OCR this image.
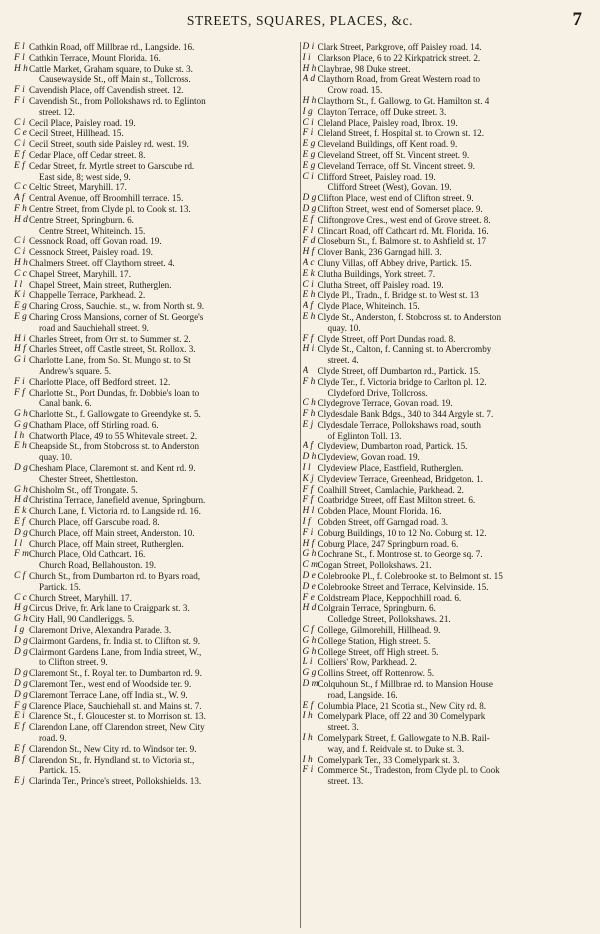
STREETS, SQUARES, PLACES, &c.	7
E l Cathkin Road, off Millbrae rd., Langside. 16.
F l Cathkin Terrace, Mount Florida. 16.
H h Cattle Market, Graham square, to Duke st. 3.
Causewayside St., off Main st., Tollcross.
F i Cavendish Place, off Cavendish street. 12.
F i Cavendish St., from Pollokshaws rd. to Eglinton
street. 12.
C i Cecil Place, Paisley road. 19.
C e Cecil Street, Hillhead. 15.
C i Cecil Street, south side Paisley rd. west. 19.
E f Cedar Place, off Cedar street. 8.
E f Cedar Street, fr. Myrtle street to Garscube rd.
East side, 8; west side, 9.
C c Celtic Street, Maryhill. 17.
A f Central Avenue, off Broomhill terrace. 15.
F h Centre Street, from Clyde pl. to Cook st. 13.
H d Centre Street, Springburn. 6.
Centre Street, Whiteinch. 15.
C i Cessnock Road, off Govan road. 19.
C i Cessnock Street, Paisley road. 19.
H h Chalmers Street. off Claythorn street. 4.
C c Chapel Street, Maryhill. 17.
I l Chapel Street, Main street, Rutherglen.
K i Chappelle Terrace, Parkhead. 2.
E g Charing Cross, Sauchie. st., w. from North st. 9.
E g Charing Cross Mansions, corner of St. George's
road and Sauchiehall street. 9.
H i Charles Street, from Orr st. to Summer st. 2.
H f Charles Street, off Castle street, St. Rollox. 3.
G i Charlotte Lane, from So. St. Mungo st. to St
Andrew's square. 5.
F i Charlotte Place, off Bedford street. 12.
F f Charlotte St., Port Dundas, fr. Dobbie's loan to
Canal bank. 6.
G h Charlotte St., f. Gallowgate to Greendyke st. 5.
G g Chatham Place, off Stirling road. 6.
I h Chatworth Place, 49 to 55 Whitevale street. 2.
E h Cheapside St., from Stobcross st. to Anderston
quay. 10.
D g Chesham Place, Claremont st. and Kent rd. 9.
Chester Street, Shettleston.
G h Chisholm St., off Trongate. 5.
H d Christina Terrace, Janefield avenue, Springburn.
E k Church Lane, f. Victoria rd. to Langside rd. 16.
E f Church Place, off Garscube road. 8.
D g Church Place, off Main street, Anderston. 10.
I l Church Place, off Main street, Rutherglen.
F m Church Place, Old Cathcart. 16.
Church Road, Bellahouston. 19.
C f Church St., from Dumbarton rd. to Byars road,
Partick. 15.
C c Church Street, Maryhill. 17.
H g Circus Drive, fr. Ark lane to Craigpark st. 3.
G h City Hall, 90 Candleriggs. 5.
I g Claremont Drive, Alexandra Parade. 3.
D g Clairmont Gardens, fr. India st. to Clifton st. 9.
D g Clairmont Gardens Lane, from India street, W.,
to Clifton street. 9.
D g Claremont St., f. Royal ter. to Dumbarton rd. 9.
D g Claremont Ter., west end of Woodside ter. 9.
D g Claremont Terrace Lane, off India st., W. 9.
F g Clarence Place, Sauchiehall st. and Mains st. 7.
E i Clarence St., f. Gloucester st. to Morrison st. 13.
E f Clarendon Lane, off Clarendon street, New City
road. 9.
E f Clarendon St., New City rd. to Windsor ter. 9.
B f Clarendon St., fr. Hyndland st. to Victoria st.,
Partick. 15.
E j Clarinda Ter., Prince's street, Pollokshields. 13.
D i Clark Street, Parkgrove, off Paisley road. 14.
I i Clarkson Place, 6 to 22 Kirkpatrick street. 2.
H h Claybrae, 98 Duke street.
A d Claythorn Road, from Great Western road to
Crow road. 15.
H h Claythorn St., f. Gallowg. to Gt. Hamilton st. 4
I g Clayton Terrace, off Duke street. 3.
C i Cleland Place, Paisley road, Ibrox. 19.
F i Cleland Street, f. Hospital st. to Crown st. 12.
E g Cleveland Buildings, off Kent road. 9.
E g Cleveland Street, off St. Vincent street. 9.
E g Cleveland Terrace, off St. Vincent street. 9.
C i Clifford Street, Paisley road. 19.
Clifford Street (West), Govan. 19.
D g Clifton Place, west end of Clifton street. 9.
D g Clifton Street, west end of Somerset place. 9.
E f Cliftongrove Cres., west end of Grove street. 8.
F l Clincart Road, off Cathcart rd. Mt. Florida. 16.
F d Closeburn St., f. Balmore st. to Ashfield st. 17
H f Clover Bank, 236 Garngad hill. 3.
A c Cluny Villas, off Abbey drive, Partick. 15.
E k Clutha Buildings, York street. 7.
C i Clutha Street, off Paisley road. 19.
E h Clyde Pl., Tradn., f. Bridge st. to West st. 13
A f Clyde Place, Whiteinch. 15.
E h Clyde St., Anderston, f. Stobcross st. to Anderston
quay. 10.
F f Clyde Street, off Port Dundas road. 8.
H i Clyde St., Calton, f. Canning st. to Abercromby
street. 4.
A	Clyde Street, off Dumbarton rd., Partick. 15.
F h Clyde Ter., f. Victoria bridge to Carlton pl. 12.
Clydeford Drive, Tollcross.
C h Clydegrove Terrace, Govan road. 19.
F h Clydesdale Bank Bdgs., 340 to 344 Argyle st. 7.
E j Clydesdale Terrace, Pollokshaws road, south
of Eglinton Toll. 13.
A f Clydeview, Dumbarton road, Partick. 15.
D h Clydeview, Govan road. 19.
I l Clydeview Place, Eastfield, Rutherglen.
K j Clydeview Terrace, Greenhead, Bridgeton. 1.
F f Coalhill Street, Camlachie, Parkhead. 2.
F f Coatbridge Street, off East Milton street. 6.
H l Cobden Place, Mount Florida. 16.
I f Cobden Street, off Garngad road. 3.
F i Coburg Buildings, 10 to 12 No. Coburg st. 12.
H f Coburg Place, 247 Springburn road. 6.
G h Cochrane St., f. Montrose st. to George sq. 7.
C m Cogan Street, Pollokshaws. 21.
D e Colebrooke Pl., f. Colebrooke st. to Belmont st. 15
D e Colebrooke Street and Terrace, Kelvinside. 15.
F e Coldstream Place, Keppochhill road. 6.
H d Colgrain Terrace, Springburn. 6.
Colledge Street, Pollokshaws. 21.
C f College, Gilmorehill, Hillhead. 9.
G h College Station, High street. 5.
G h College Street, off High street. 5.
L i Colliers' Row, Parkhead. 2.
G g Collins Street, off Rottenrow. 5.
D m Colquhoun St., f Millbrae rd. to Mansion House
road, Langside. 16.
E f Columbia Place, 21 Scotia st., New City rd. 8.
I h Comelypark Place, off 22 and 30 Comelypark
street. 3.
I h Comelypark Street, f. Gallowgate to N.B. Rail-
way, and f. Reidvale st. to Duke st. 3.
I h Comelypark Ter., 33 Comelypark st. 3.
F i Commerce St., Tradeston, from Clyde pl. to Cook
street. 13.
